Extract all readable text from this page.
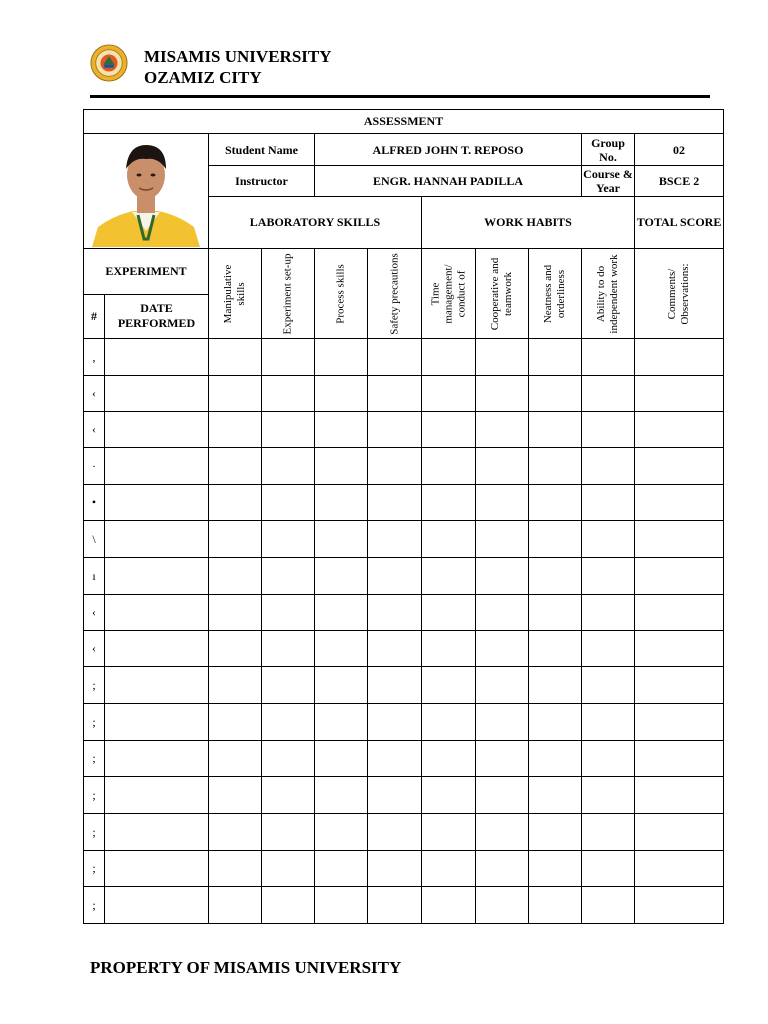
MISAMIS UNIVERSITY
OZAMIZ CITY
ASSESSMENT										

	Student Name		ALFRED JOHN T. REPOSO					Group No.	02
		Instructor		ENGR. HANNAH PADILLA					Course & Year	BSCE 2
		LABORATORY SKILLS				WORK HABITS				TOTAL SCORE
EXPERIMENT		Manipulative skills	Experiment set-up	Process skills	Safety precautions	Time management/ conduct of	Cooperative and teamwork	Neatness and orderliness	Ability to do independent work	Comments/ Observations:

#	DATE PERFORMED									
,										
‹										
‹										
·										
•										
\										
ı										
‹										
‹										
;										
;										
;										
;										
;										
;										
;										
PROPERTY OF MISAMIS UNIVERSITY
